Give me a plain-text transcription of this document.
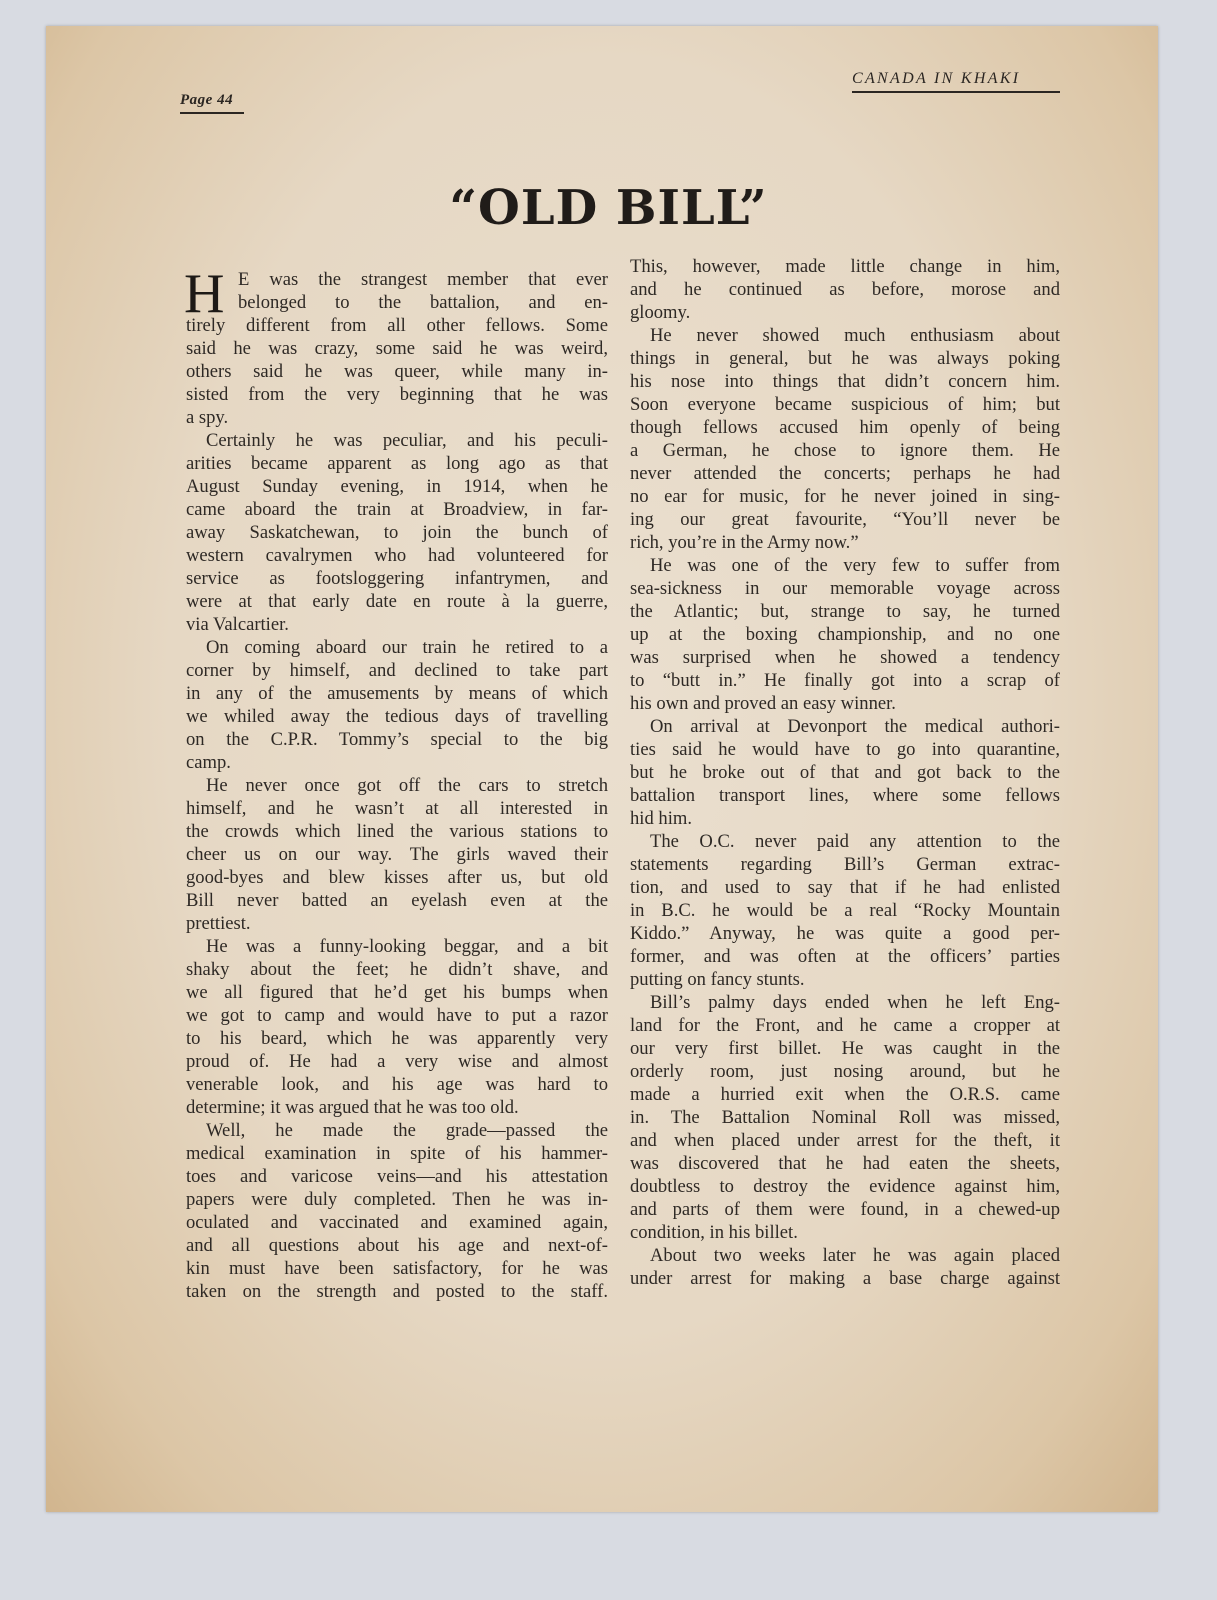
Page 44
CANADA IN KHAKI
“OLD BILL”
H E was the strangest member that ever
belonged to the battalion, and en-
tirely different from all other fellows. Some
said he was crazy, some said he was weird,
others said he was queer, while many in-
sisted from the very beginning that he was
a spy.
Certainly he was peculiar, and his peculi-
arities became apparent as long ago as that
August Sunday evening, in 1914, when he
came aboard the train at Broadview, in far-
away Saskatchewan, to join the bunch of
western cavalrymen who had volunteered for
service as footsloggering infantrymen, and
were at that early date en route à la guerre,
via Valcartier.
On coming aboard our train he retired to a
corner by himself, and declined to take part
in any of the amusements by means of which
we whiled away the tedious days of travelling
on the C.P.R. Tommy’s special to the big
camp.
He never once got off the cars to stretch
himself, and he wasn’t at all interested in
the crowds which lined the various stations to
cheer us on our way. The girls waved their
good-byes and blew kisses after us, but old
Bill never batted an eyelash even at the
prettiest.
He was a funny-looking beggar, and a bit
shaky about the feet; he didn’t shave, and
we all figured that he’d get his bumps when
we got to camp and would have to put a razor
to his beard, which he was apparently very
proud of. He had a very wise and almost
venerable look, and his age was hard to
determine; it was argued that he was too old.
Well, he made the grade—passed the
medical examination in spite of his hammer-
toes and varicose veins—and his attestation
papers were duly completed. Then he was in-
oculated and vaccinated and examined again,
and all questions about his age and next-of-
kin must have been satisfactory, for he was
taken on the strength and posted to the staff.
This, however, made little change in him,
and he continued as before, morose and
gloomy.
He never showed much enthusiasm about
things in general, but he was always poking
his nose into things that didn’t concern him.
Soon everyone became suspicious of him; but
though fellows accused him openly of being
a German, he chose to ignore them. He
never attended the concerts; perhaps he had
no ear for music, for he never joined in sing-
ing our great favourite, “You’ll never be
rich, you’re in the Army now.”
He was one of the very few to suffer from
sea-sickness in our memorable voyage across
the Atlantic; but, strange to say, he turned
up at the boxing championship, and no one
was surprised when he showed a tendency
to “butt in.” He finally got into a scrap of
his own and proved an easy winner.
On arrival at Devonport the medical authori-
ties said he would have to go into quarantine,
but he broke out of that and got back to the
battalion transport lines, where some fellows
hid him.
The O.C. never paid any attention to the
statements regarding Bill’s German extrac-
tion, and used to say that if he had enlisted
in B.C. he would be a real “Rocky Mountain
Kiddo.” Anyway, he was quite a good per-
former, and was often at the officers’ parties
putting on fancy stunts.
Bill’s palmy days ended when he left Eng-
land for the Front, and he came a cropper at
our very first billet. He was caught in the
orderly room, just nosing around, but he
made a hurried exit when the O.R.S. came
in. The Battalion Nominal Roll was missed,
and when placed under arrest for the theft, it
was discovered that he had eaten the sheets,
doubtless to destroy the evidence against him,
and parts of them were found, in a chewed-up
condition, in his billet.
About two weeks later he was again placed
under arrest for making a base charge against
